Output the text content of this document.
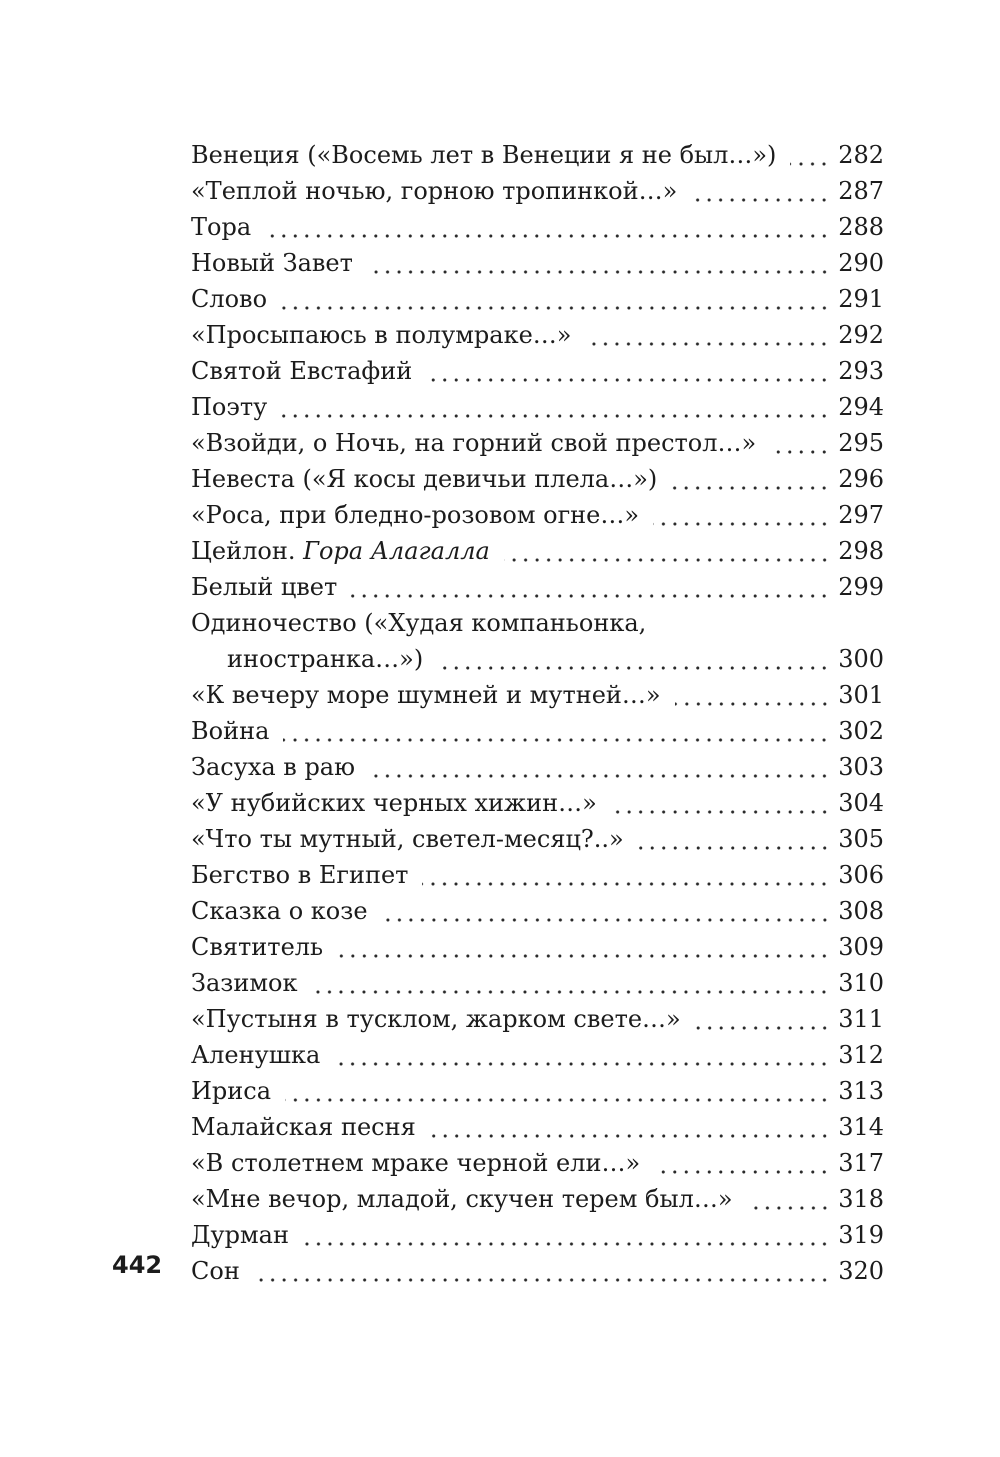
Венеция («Восемь лет в Венеции я не был…»)	282
«Теплой ночью, горною тропинкой…»	287
Тора	288
Новый Завет	290
Слово	291
«Просыпаюсь в полумраке…»	292
Святой Евстафий	293
Поэту	294
«Взойди, о Ночь, на горний свой престол…»	295
Невеста («Я косы девичьи плела…»)	296
«Роса, при бледно-розовом огне…»	297
Цейлон. Гора Алагалла	298
Белый цвет	299
Одиночество («Худая компаньонка,
иностранка…»)	300
«К вечеру море шумней и мутней…»	301
Война	302
Засуха в раю	303
«У нубийских черных хижин…»	304
«Что ты мутный, светел-месяц?..»	305
Бегство в Египет	306
Сказка о козе	308
Святитель	309
Зазимок	310
«Пустыня в тусклом, жарком свете…»	311
Аленушка	312
Ириса	313
Малайская песня	314
«В столетнем мраке черной ели…»	317
«Мне вечор, младой, скучен терем был…»	318
Дурман	319
Сон	320
442
